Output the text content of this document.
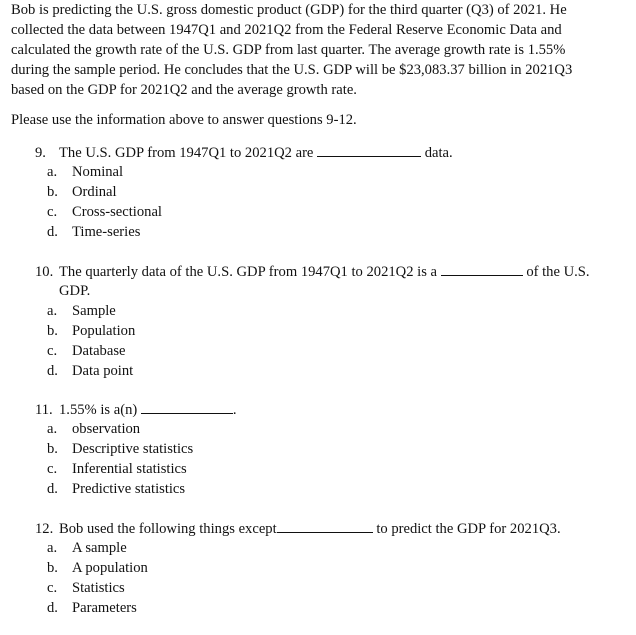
Bob is predicting the U.S. gross domestic product (GDP) for the third quarter (Q3) of 2021. He
collected the data between 1947Q1 and 2021Q2 from the Federal Reserve Economic Data and
calculated the growth rate of the U.S. GDP from last quarter. The average growth rate is 1.55%
during the sample period. He concludes that the U.S. GDP will be $23,083.37 billion in 2021Q3
based on the GDP for 2021Q2 and the average growth rate.
Please use the information above to answer questions 9-12.
9. The U.S. GDP from 1947Q1 to 2021Q2 are	data.
a. Nominal
b. Ordinal
c. Cross-sectional
d. Time-series
10. The quarterly data of the U.S. GDP from 1947Q1 to 2021Q2 is a	of the U.S.
GDP.
a. Sample
b. Population
c. Database
d. Data point
11. 1.55% is a(n)	.
a. observation
b. Descriptive statistics
c. Inferential statistics
d. Predictive statistics
12. Bob used the following things except	to predict the GDP for 2021Q3.
a. A sample
b. A population
c. Statistics
d. Parameters
